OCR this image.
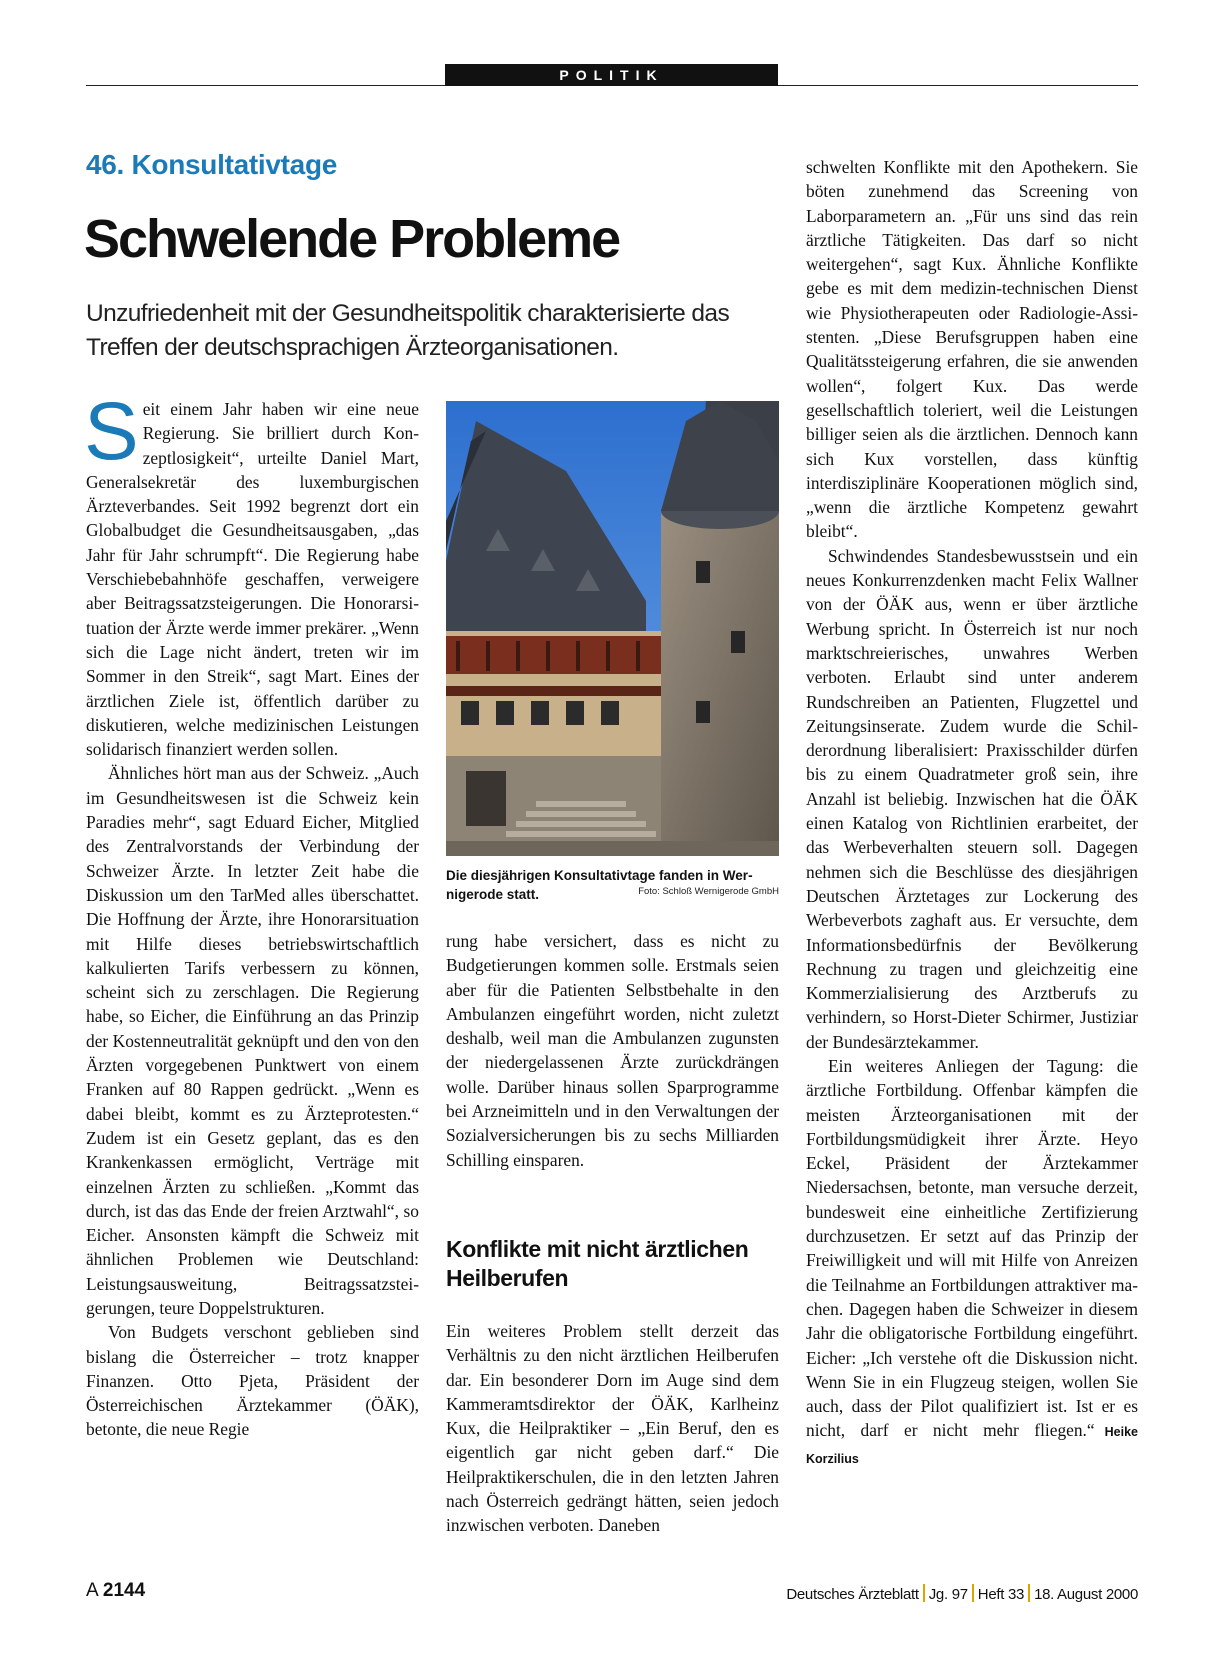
POLITIK
46. Konsultativtage
Schwelende Probleme
Unzufriedenheit mit der Gesundheitspolitik charakterisierte das Treffen der deutschsprachigen Ärzteorganisationen.

Seit einem Jahr haben wir eine neue Regierung. Sie brilliert durch Konzeptlosigkeit“, urteilte Daniel Mart, Generalsekretär des luxemburgischen Ärzteverbandes. Seit 1992 begrenzt dort ein Globalbudget die Gesundheitsausgaben, „das Jahr für Jahr schrumpft“. Die Regierung habe Verschiebebahnhöfe geschaffen, verweigere aber Beitragssatzsteigerungen. Die Honorarsituation der Ärzte werde immer prekärer. „Wenn sich die Lage nicht ändert, treten wir im Sommer in den Streik“, sagt Mart. Eines der ärztlichen Ziele ist, öffentlich darüber zu diskutieren, welche medizinischen Leistungen solidarisch finanziert werden sollen.

Ähnliches hört man aus der Schweiz. „Auch im Gesundheitswesen ist die Schweiz kein Paradies mehr“, sagt Eduard Eicher, Mitglied des Zentralvorstands der Verbindung der Schweizer Ärzte. In letzter Zeit habe die Diskussion um den TarMed alles überschattet. Die Hoffnung der Ärzte, ihre Honorarsituation mit Hilfe dieses betriebswirtschaftlich kalkulierten Tarifs verbessern zu können, scheint sich zu zerschlagen. Die Regierung habe, so Eicher, die Einführung an das Prinzip der Kostenneutralität geknüpft und den von den Ärzten vorgegebenen Punktwert von einem Franken auf 80 Rappen gedrückt. „Wenn es dabei bleibt, kommt es zu Ärzteprotesten.“ Zudem ist ein Gesetz geplant, das es den Krankenkassen ermöglicht, Verträge mit einzelnen Ärzten zu schließen. „Kommt das durch, ist das das Ende der freien Arztwahl“, so Eicher. Ansonsten kämpft die Schweiz mit ähnlichen Problemen wie Deutschland: Leistungsausweitung, Beitragssatzsteigerungen, teure Doppelstrukturen.

Von Budgets verschont geblieben sind bislang die Österreicher – trotz knapper Finanzen. Otto Pjeta, Präsident der Österreichischen Ärztekammer (ÖÄK), betonte, die neue Regie

Die diesjährigen Konsultativtage fanden in Wernigerode statt.	Foto: Schloß Wernigerode GmbH

rung habe versichert, dass es nicht zu Budgetierungen kommen solle. Erstmals seien aber für die Patienten Selbstbehalte in den Ambulanzen eingeführt worden, nicht zuletzt deshalb, weil man die Ambulanzen zugunsten der niedergelassenen Ärzte zurückdrängen wolle. Darüber hinaus sollen Sparprogramme bei Arzneimitteln und in den Verwaltungen der Sozialversicherungen bis zu sechs Milliarden Schilling einsparen.

Konflikte mit nicht ärztlichen Heilberufen

Ein weiteres Problem stellt derzeit das Verhältnis zu den nicht ärztlichen Heilberufen dar. Ein besonderer Dorn im Auge sind dem Kammeramtsdirektor der ÖÄK, Karlheinz Kux, die Heilpraktiker – „Ein Beruf, den es eigentlich gar nicht geben darf.“ Die Heilpraktikerschulen, die in den letzten Jahren nach Österreich gedrängt hätten, seien jedoch inzwischen verboten. Daneben

schwelten Konflikte mit den Apothekern. Sie böten zunehmend das Screening von Laborparametern an. „Für uns sind das rein ärztliche Tätigkeiten. Das darf so nicht weitergehen“, sagt Kux. Ähnliche Konflikte gebe es mit dem medizin-technischen Dienst wie Physiotherapeuten oder Radiologie-Assistenten. „Diese Berufsgruppen haben eine Qualitätssteigerung erfahren, die sie anwenden wollen“, folgert Kux. Das werde gesellschaftlich toleriert, weil die Leistungen billiger seien als die ärztlichen. Dennoch kann sich Kux vorstellen, dass künftig interdisziplinäre Kooperationen möglich sind, „wenn die ärztliche Kompetenz gewahrt bleibt“.

Schwindendes Standesbewusstsein und ein neues Konkurrenzdenken macht Felix Wallner von der ÖÄK aus, wenn er über ärztliche Werbung spricht. In Österreich ist nur noch marktschreierisches, unwahres Werben verboten. Erlaubt sind unter anderem Rundschreiben an Patienten, Flugzettel und Zeitungsinserate. Zudem wurde die Schilderordnung liberalisiert: Praxisschilder dürfen bis zu einem Quadratmeter groß sein, ihre Anzahl ist beliebig. Inzwischen hat die ÖÄK einen Katalog von Richtlinien erarbeitet, der das Werbeverhalten steuern soll. Dagegen nehmen sich die Beschlüsse des diesjährigen Deutschen Ärztetages zur Lockerung des Werbeverbots zaghaft aus. Er versuchte, dem Informationsbedürfnis der Bevölkerung Rechnung zu tragen und gleichzeitig eine Kommerzialisierung des Arztberufs zu verhindern, so Horst-Dieter Schirmer, Justiziar der Bundesärztekammer.

Ein weiteres Anliegen der Tagung: die ärztliche Fortbildung. Offenbar kämpfen die meisten Ärzteorganisationen mit der Fortbildungsmüdigkeit ihrer Ärzte. Heyo Eckel, Präsident der Ärztekammer Niedersachsen, betonte, man versuche derzeit, bundesweit eine einheitliche Zertifizierung durchzusetzen. Er setzt auf das Prinzip der Freiwilligkeit und will mit Hilfe von Anreizen die Teilnahme an Fortbildungen attraktiver machen. Dagegen haben die Schweizer in diesem Jahr die obligatorische Fortbildung eingeführt. Eicher: „Ich verstehe oft die Diskussion nicht. Wenn Sie in ein Flugzeug steigen, wollen Sie auch, dass der Pilot qualifiziert ist. Ist er es nicht, darf er nicht mehr fliegen.“ Heike Korzilius

A 2144	Deutsches Ärzteblatt Jg. 97 Heft 33 18. August 2000
